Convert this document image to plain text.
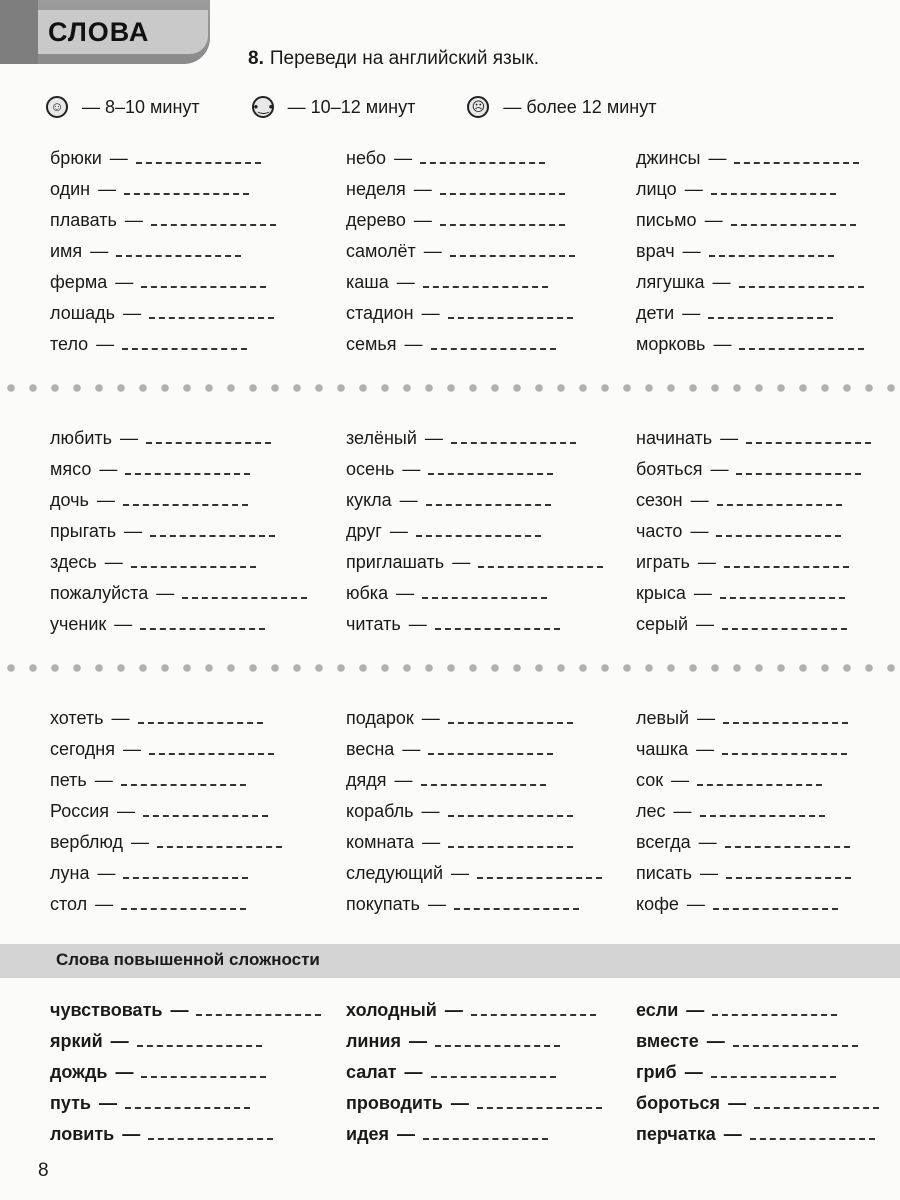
СЛОВА
8. Переведи на английский язык.
☺ — 8–10 минут	•‿• — 10–12 минут	☹ — более 12 минут
брюки —
один —
плавать —
имя —
ферма —
лошадь —
тело —
небо —
неделя —
дерево —
самолёт —
каша —
стадион —
семья —
джинсы —
лицо —
письмо —
врач —
лягушка —
дети —
морковь —
любить —
мясо —
дочь —
прыгать —
здесь —
пожалуйста —
ученик —
зелёный —
осень —
кукла —
друг —
приглашать —
юбка —
читать —
начинать —
бояться —
сезон —
часто —
играть —
крыса —
серый —
хотеть —
сегодня —
петь —
Россия —
верблюд —
луна —
стол —
подарок —
весна —
дядя —
корабль —
комната —
следующий —
покупать —
левый —
чашка —
сок —
лес —
всегда —
писать —
кофе —
Слова повышенной сложности
чувствовать —
яркий —
дождь —
путь —
ловить —
холодный —
линия —
салат —
проводить —
идея —
если —
вместе —
гриб —
бороться —
перчатка —
8
